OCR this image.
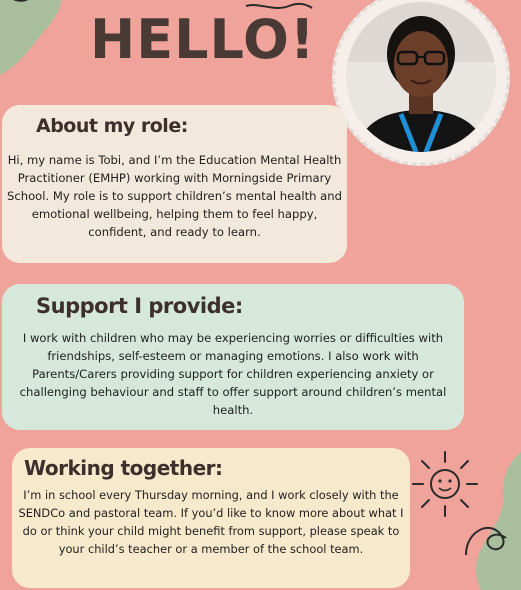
HELLO!
About my role:

Hi, my name is Tobi, and I’m the Education Mental Health Practitioner (EMHP) working with Morningside Primary School. My role is to support children’s mental health and emotional wellbeing, helping them to feel happy, confident, and ready to learn.

Support I provide:

I work with children who may be experiencing worries or difficulties with friendships, self-esteem or managing emotions. I also work with Parents/Carers providing support for children experiencing anxiety or challenging behaviour and staff to offer support around children’s mental health.

Working together:

I’m in school every Thursday morning, and I work closely with the SENDCo and pastoral team. If you’d like to know more about what I do or think your child might benefit from support, please speak to your child’s teacher or a member of the school team.
